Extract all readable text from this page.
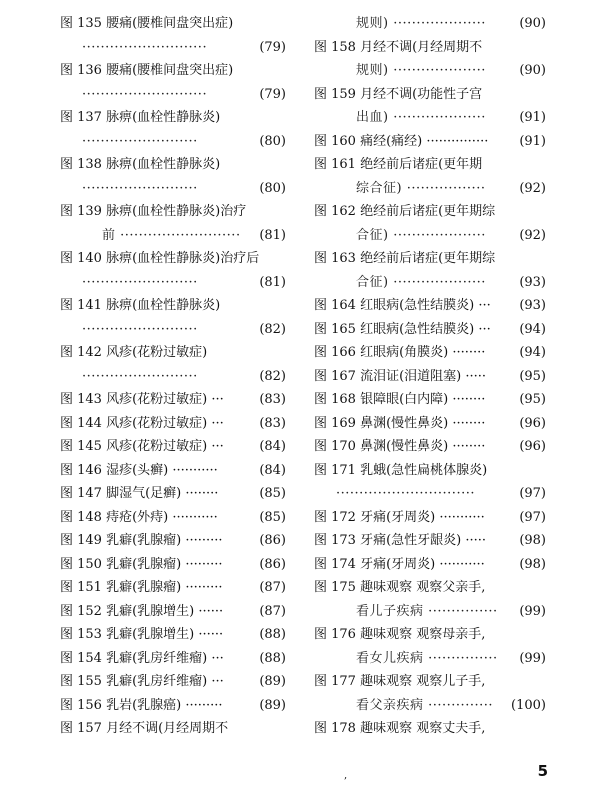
图 135 腰痛(腰椎间盘突出症)
···························	(79)
图 136 腰痛(腰椎间盘突出症)
···························	(79)
图 137 脉痹(血栓性静脉炎)
·························	(80)
图 138 脉痹(血栓性静脉炎)
·························	(80)
图 139 脉痹(血栓性静脉炎)治疗
前 ·························· (81)
图 140 脉痹(血栓性静脉炎)治疗后
·························	(81)
图 141 脉痹(血栓性静脉炎)
·························	(82)
图 142 风疹(花粉过敏症)
·························	(82)
图 143 风疹(花粉过敏症) ···	(83)
图 144 风疹(花粉过敏症) ···	(83)
图 145 风疹(花粉过敏症) ···	(84)
图 146 湿疹(头癣) ···········	(84)
图 147 脚湿气(足癣) ········	(85)
图 148 痔疮(外痔) ···········	(85)
图 149 乳癖(乳腺瘤) ·········	(86)
图 150 乳癖(乳腺瘤) ·········	(86)
图 151 乳癖(乳腺瘤) ·········	(87)
图 152 乳癖(乳腺增生) ······	(87)
图 153 乳癖(乳腺增生) ······	(88)
图 154 乳癖(乳房纤维瘤) ···	(88)
图 155 乳癖(乳房纤维瘤) ···	(89)
图 156 乳岩(乳腺癌) ·········	(89)
图 157 月经不调(月经周期不
规则) ····················	(90)
图 158 月经不调(月经周期不
规则) ····················	(90)
图 159 月经不调(功能性子宫
出血) ····················	(91)
图 160 痛经(痛经) ··············· (91)
图 161 绝经前后诸症(更年期
综合征) ·················	(92)
图 162 绝经前后诸症(更年期综
合征) ····················	(92)
图 163 绝经前后诸症(更年期综
合征) ····················	(93)
图 164 红眼病(急性结膜炎) ··· (93)
图 165 红眼病(急性结膜炎) ··· (94)
图 166 红眼病(角膜炎) ········	(94)
图 167 流泪证(泪道阻塞) ·····	(95)
图 168 银障眼(白内障) ········	(95)
图 169 鼻渊(慢性鼻炎) ········	(96)
图 170 鼻渊(慢性鼻炎) ········	(96)
图 171 乳蛾(急性扁桃体腺炎)
······························	(97)
图 172 牙痛(牙周炎) ···········	(97)
图 173 牙痛(急性牙龈炎) ·····	(98)
图 174 牙痛(牙周炎) ···········	(98)
图 175 趣味观察 观察父亲手,
看儿子疾病 ··············· (99)
图 176 趣味观察 观察母亲手,
看女儿疾病 ··············· (99)
图 177 趣味观察 观察儿子手,
看父亲疾病 ·············· (100)
图 178 趣味观察 观察丈夫手,
,	5
